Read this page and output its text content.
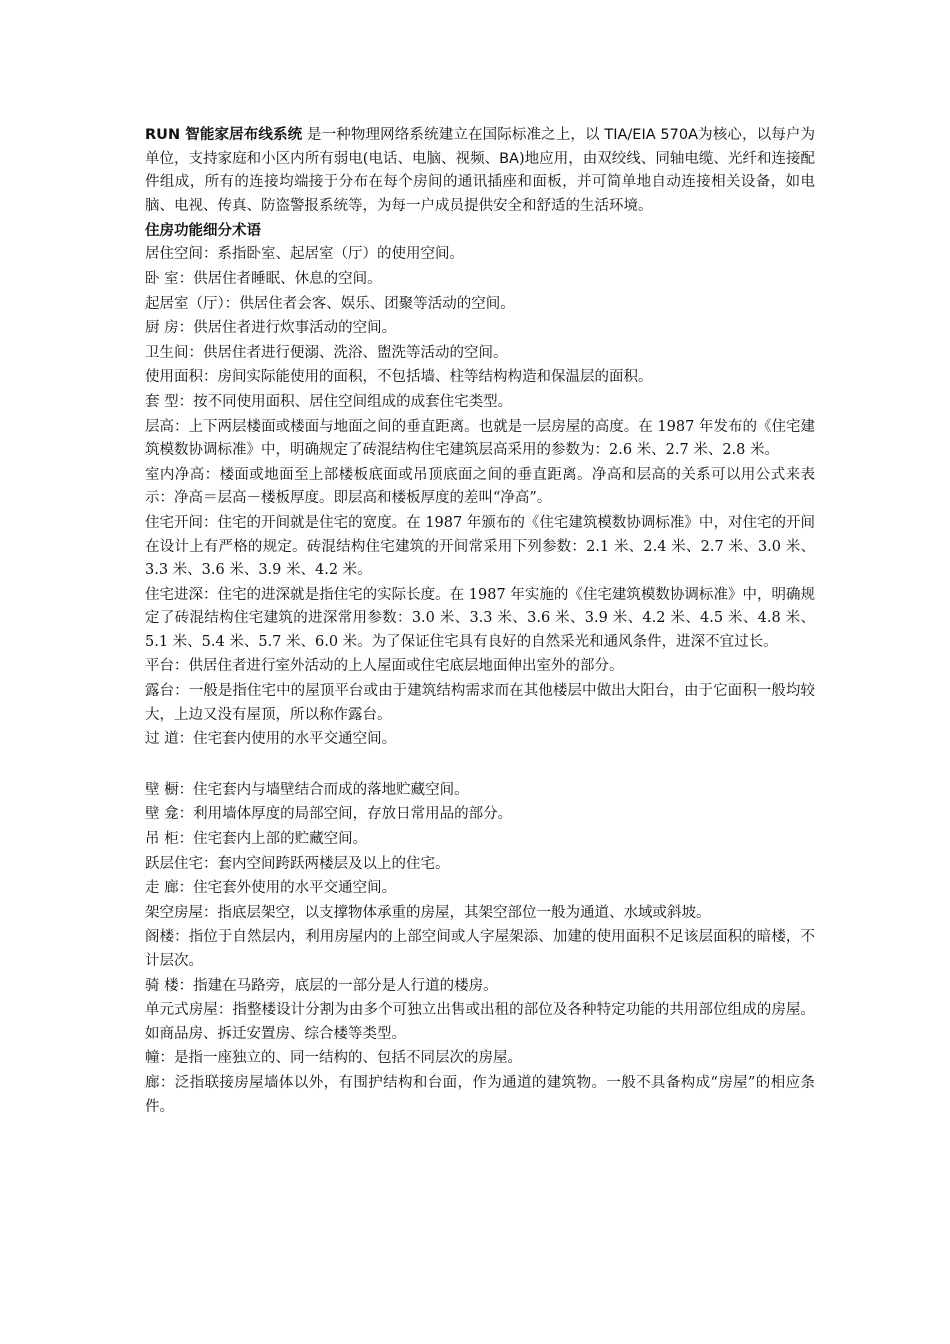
RUN 智能家居布线系统 是一种物理网络系统建立在国际标准之上，以 TIA/EIA 570A为核心，以每户为单位，支持家庭和小区内所有弱电(电话、电脑、视频、BA)地应用，由双绞线、同轴电缆、光纤和连接配件组成，所有的连接均端接于分布在每个房间的通讯插座和面板，并可简单地自动连接相关设备，如电脑、电视、传真、防盗警报系统等，为每一户成员提供安全和舒适的生活环境。

住房功能细分术语

居住空间：系指卧室、起居室（厅）的使用空间。

卧 室：供居住者睡眠、休息的空间。

起居室（厅）：供居住者会客、娱乐、团聚等活动的空间。

厨 房：供居住者进行炊事活动的空间。

卫生间：供居住者进行便溺、洗浴、盥洗等活动的空间。

使用面积：房间实际能使用的面积，不包括墙、柱等结构构造和保温层的面积。

套 型：按不同使用面积、居住空间组成的成套住宅类型。

层高：上下两层楼面或楼面与地面之间的垂直距离。也就是一层房屋的高度。在 1987 年发布的《住宅建筑模数协调标准》中，明确规定了砖混结构住宅建筑层高采用的参数为：2.6 米、2.7 米、2.8 米。

室内净高：楼面或地面至上部楼板底面或吊顶底面之间的垂直距离。净高和层高的关系可以用公式来表示：净高＝层高－楼板厚度。即层高和楼板厚度的差叫“净高”。

住宅开间：住宅的开间就是住宅的宽度。在 1987 年颁布的《住宅建筑模数协调标准》中，对住宅的开间在设计上有严格的规定。砖混结构住宅建筑的开间常采用下列参数：2.1 米、2.4 米、2.7 米、3.0 米、3.3 米、3.6 米、3.9 米、4.2 米。

住宅进深：住宅的进深就是指住宅的实际长度。在 1987 年实施的《住宅建筑模数协调标准》中，明确规定了砖混结构住宅建筑的进深常用参数：3.0 米、3.3 米、3.6 米、3.9 米、4.2 米、4.5 米、4.8 米、5.1 米、5.4 米、5.7 米、6.0 米。为了保证住宅具有良好的自然采光和通风条件，进深不宜过长。

平台：供居住者进行室外活动的上人屋面或住宅底层地面伸出室外的部分。

露台：一般是指住宅中的屋顶平台或由于建筑结构需求而在其他楼层中做出大阳台，由于它面积一般均较大，上边又没有屋顶，所以称作露台。

过 道：住宅套内使用的水平交通空间。

壁 橱：住宅套内与墙壁结合而成的落地贮藏空间。

壁 龛：利用墙体厚度的局部空间，存放日常用品的部分。

吊 柜：住宅套内上部的贮藏空间。

跃层住宅：套内空间跨跃两楼层及以上的住宅。

走 廊：住宅套外使用的水平交通空间。

架空房屋：指底层架空，以支撑物体承重的房屋，其架空部位一般为通道、水域或斜坡。

阁楼：指位于自然层内，利用房屋内的上部空间或人字屋架添、加建的使用面积不足该层面积的暗楼，不计层次。

骑 楼：指建在马路旁，底层的一部分是人行道的楼房。

单元式房屋：指整楼设计分割为由多个可独立出售或出租的部位及各种特定功能的共用部位组成的房屋。如商品房、拆迁安置房、综合楼等类型。

幢：是指一座独立的、同一结构的、包括不同层次的房屋。

廊：泛指联接房屋墙体以外，有围护结构和台面，作为通道的建筑物。一般不具备构成“房屋”的相应条件。
